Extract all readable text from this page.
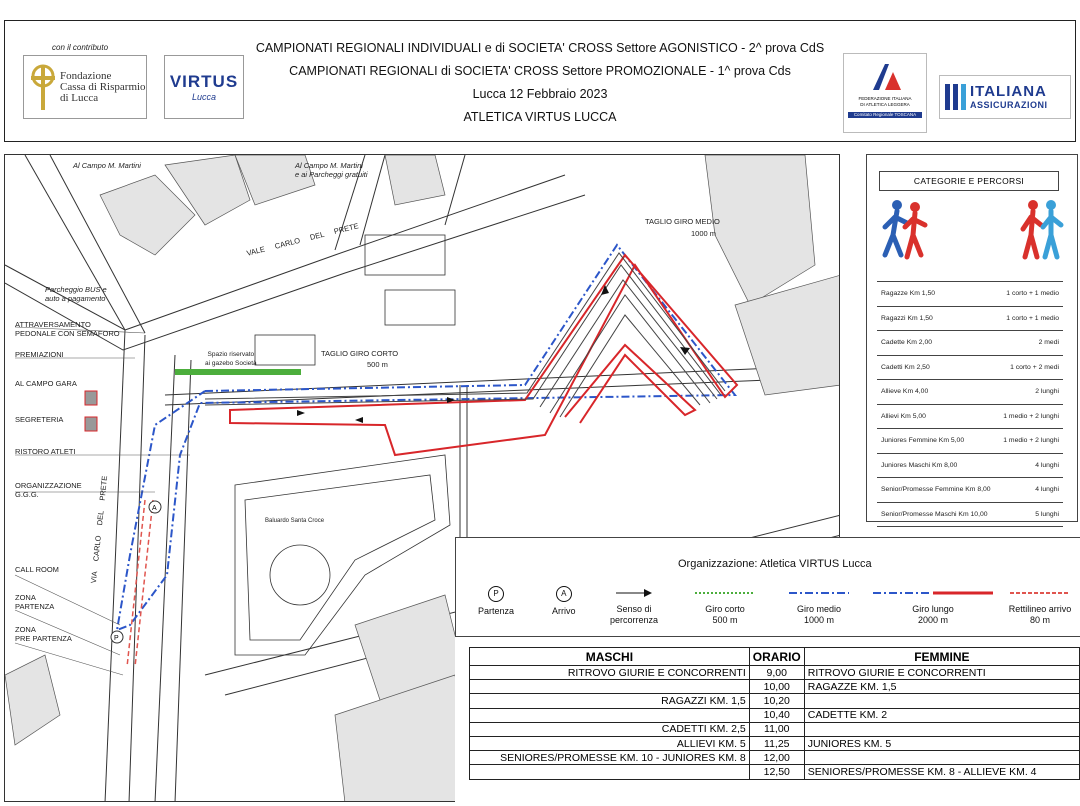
con il contributo
Fondazione
Cassa di Risparmio
di Lucca
VIRTUS
Lucca
CAMPIONATI REGIONALI INDIVIDUALI e di SOCIETA' CROSS Settore AGONISTICO - 2^ prova CdS
CAMPIONATI REGIONALI di SOCIETA' CROSS Settore PROMOZIONALE - 1^ prova Cds
Lucca 12 Febbraio 2023
ATLETICA VIRTUS LUCCA
FEDERAZIONE ITALIANA
DI ATLETICA LEGGERA
Comitato Regionale TOSCANA
ITALIANA
ASSICURAZIONI
A
P
Al Campo M. Martini	Al Campo M. Martini
e ai Parcheggi gratuiti
Parcheggio BUS e
auto a pagamento
ATTRAVERSAMENTO
PEDONALE CON SEMAFORO
PREMIAZIONI
AL CAMPO GARA
SEGRETERIA
RISTORO ATLETI
ORGANIZZAZIONE
G.G.G.
CALL ROOM
ZONA
PARTENZA
ZONA
PRE PARTENZA
Spazio riservato
ai gazebo Società
TAGLIO GIRO CORTO
500 m
TAGLIO GIRO MEDIO
1000 m
VALE     CARLO     DEL     PRETE
VIA     CARLO     DEL     PRETE	Baluardo Santa Croce
CATEGORIE E PERCORSI
Ragazze Km 1,50	1 corto + 1 medio
Ragazzi Km 1,50	1 corto + 1 medio
Cadette Km 2,00	2 medi
Cadetti Km 2,50	1 corto + 2 medi
Allieve Km 4,00	2 lunghi
Allievi Km 5,00	1 medio + 2 lunghi
Juniores Femmine Km 5,00	1 medio + 2 lunghi
Juniores Maschi Km 8,00	4 lunghi
Senior/Promesse Femmine Km 8,00	4 lunghi
Senior/Promesse Maschi Km 10,00	5 lunghi
Organizzazione: Atletica VIRTUS Lucca
P
Partenza
A
Arrivo	Senso di
percorrenza
Giro corto
500 m
Giro medio
1000 m
Giro lungo
2000 m
Rettilineo arrivo
80 m
MASCHI	ORARIO	FEMMINE
RITROVO GIURIE E CONCORRENTI	9,00	RITROVO GIURIE E CONCORRENTI
	10,00	RAGAZZE KM. 1,5
RAGAZZI KM. 1,5	10,20	
	10,40	CADETTE KM. 2
CADETTI KM. 2,5	11,00	
ALLIEVI KM. 5	11,25	JUNIORES KM. 5
SENIORES/PROMESSE KM. 10 - JUNIORES KM. 8	12,00	
	12,50	SENIORES/PROMESSE KM. 8 - ALLIEVE KM. 4
